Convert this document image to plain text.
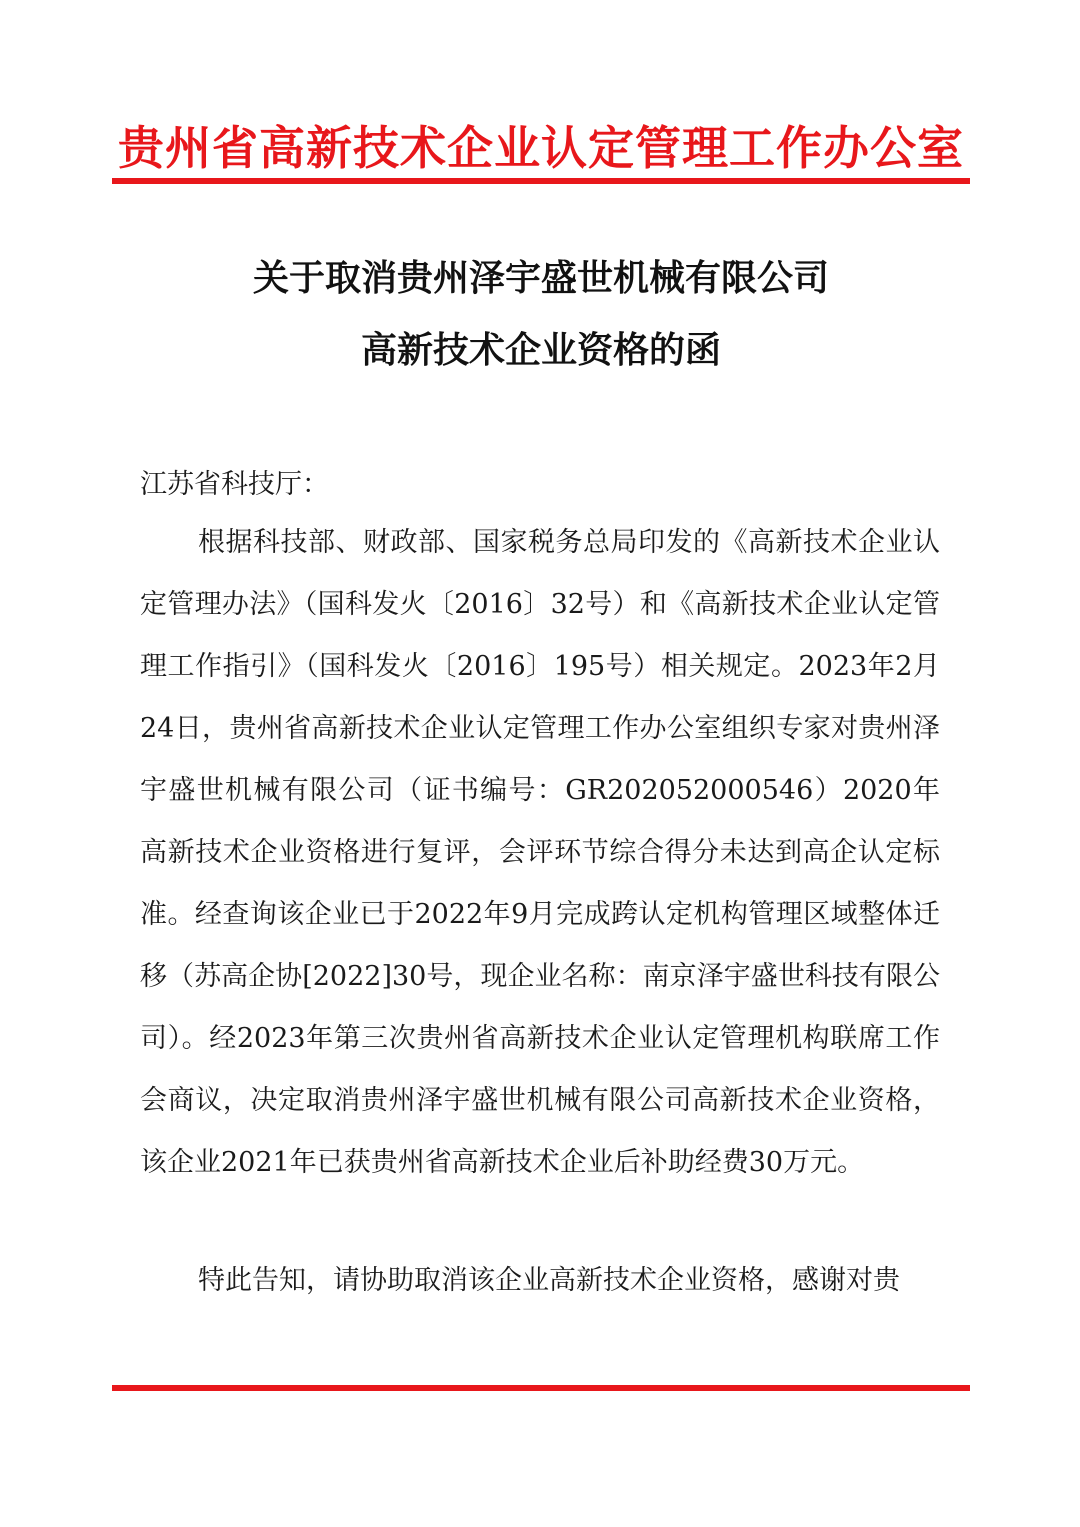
贵州省高新技术企业认定管理工作办公室
关于取消贵州泽宇盛世机械有限公司
高新技术企业资格的函
江苏省科技厅：

根据科技部、财政部、国家税务总局印发的《高新技术企业认定管理办法》（国科发火〔2016〕32号）和《高新技术企业认定管理工作指引》（国科发火〔2016〕195号）相关规定。2023年2月24日，贵州省高新技术企业认定管理工作办公室组织专家对贵州泽宇盛世机械有限公司（证书编号：GR202052000546）2020年高新技术企业资格进行复评，会评环节综合得分未达到高企认定标准。经查询该企业已于2022年9月完成跨认定机构管理区域整体迁移（苏高企协[2022]30号，现企业名称：南京泽宇盛世科技有限公司）。经2023年第三次贵州省高新技术企业认定管理机构联席工作会商议，决定取消贵州泽宇盛世机械有限公司高新技术企业资格，该企业2021年已获贵州省高新技术企业后补助经费30万元。

特此告知，请协助取消该企业高新技术企业资格，感谢对贵
